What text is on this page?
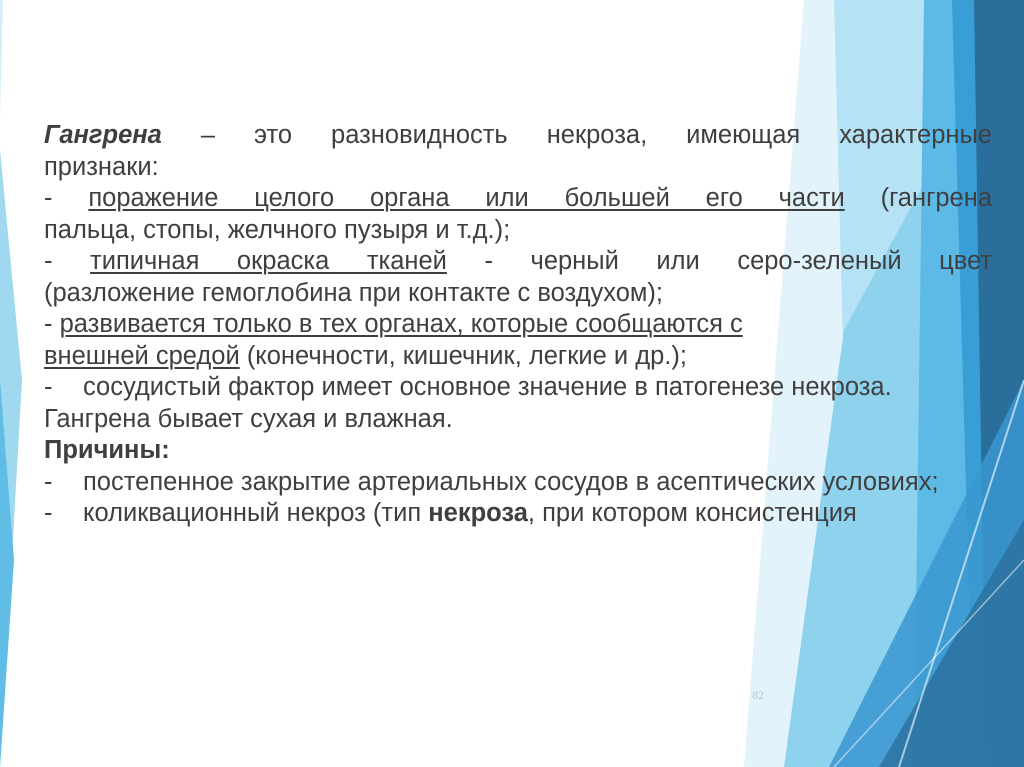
Гангрена – это разновидность некроза, имеющая характерные

признаки:

- поражение целого органа или большей его части (гангрена

пальца, стопы, желчного пузыря и т.д.);

- типичная окраска тканей - черный или серо-зеленый цвет

(разложение гемоглобина при контакте с воздухом);

- развивается только в тех органах, которые сообщаются с

внешней средой (конечности, кишечник, легкие и др.);

- сосудистый фактор имеет основное значение в патогенезе некроза.

Гангрена бывает сухая и влажная.

Причины:

- постепенное закрытие артериальных сосудов в асептических условиях;
- коликвационный некроз (тип некроза, при котором консистенция
82
